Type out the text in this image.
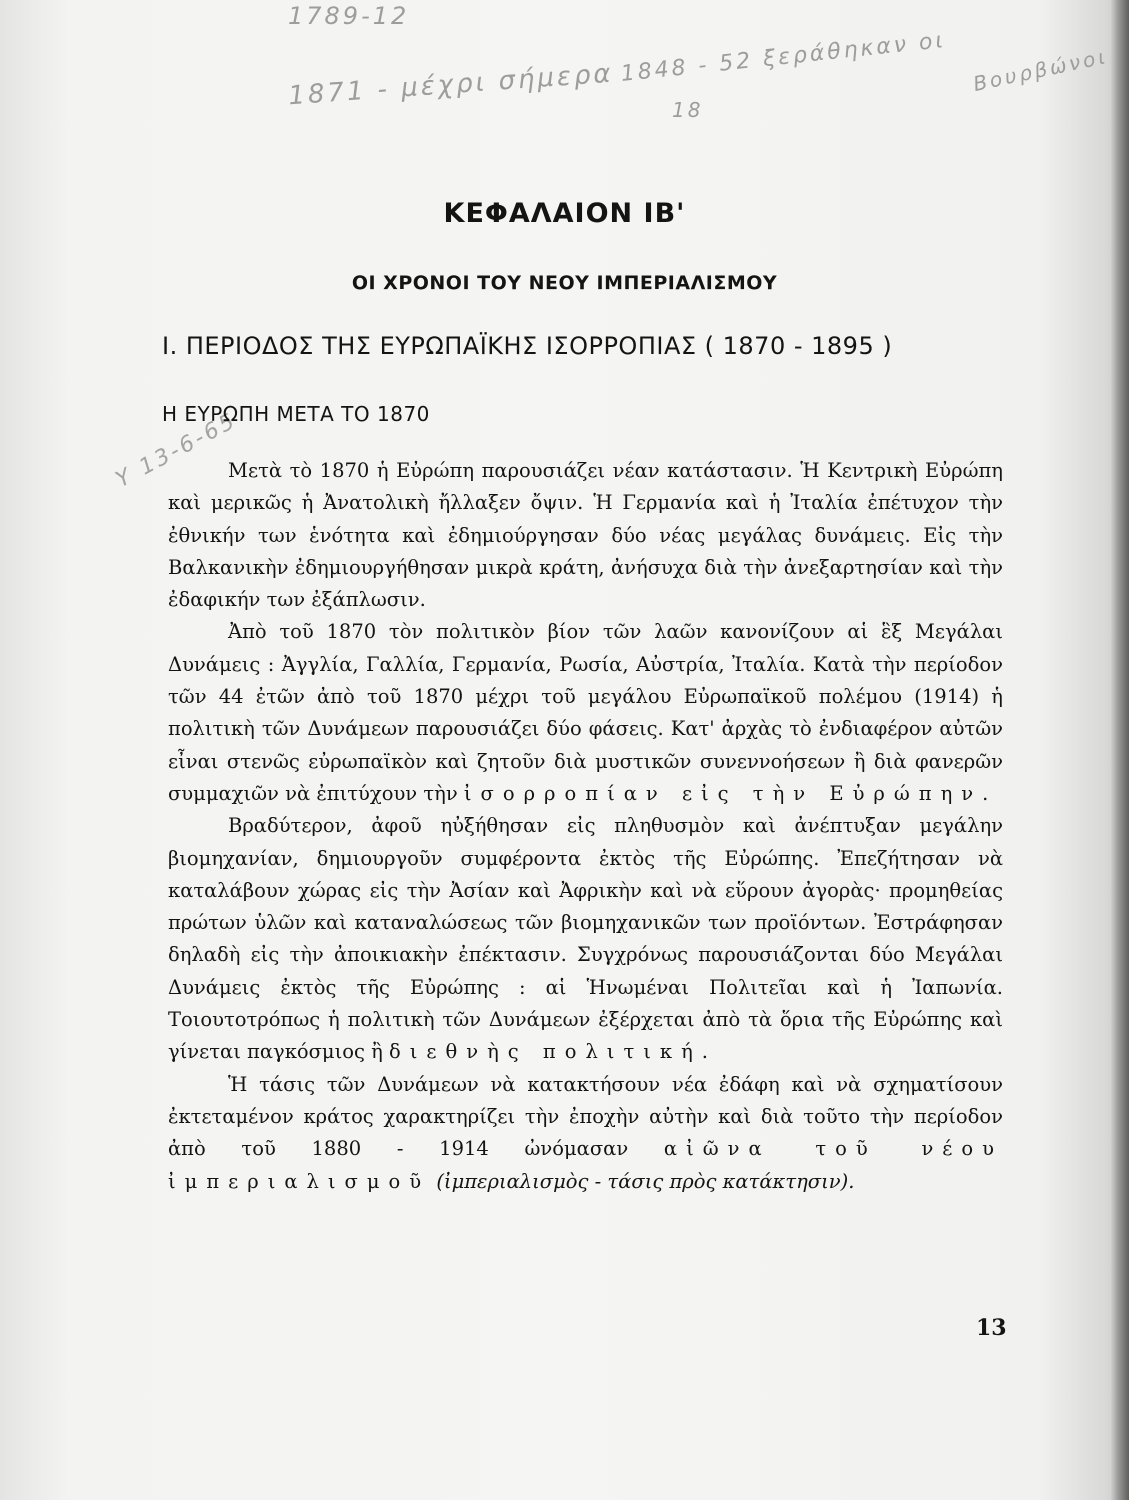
1789-12
1871 - μέχρι σήμερα 1848 - 52 ξεράθηκαν οι Βουρβώνοι
18
Υ 13-6-65
ΚΕΦΑΛΑΙΟΝ ΙΒ'
ΟΙ ΧΡΟΝΟΙ ΤΟΥ ΝΕΟΥ ΙΜΠΕΡΙΑΛΙΣΜΟΥ
Ι. ΠΕΡΙΟΔΟΣ ΤΗΣ ΕΥΡΩΠΑΪΚΗΣ ΙΣΟΡΡΟΠΙΑΣ ( 1870 - 1895 )
Η ΕΥΡΩΠΗ ΜΕΤΑ ΤΟ 1870

Μετὰ τὸ 1870 ἡ Εὐρώπη παρουσιάζει νέαν κατάστασιν. Ἡ Κεντρικὴ Εὐρώπη καὶ μερικῶς ἡ Ἀνατολικὴ ἤλλαξεν ὄψιν. Ἡ Γερμανία καὶ ἡ Ἰταλία ἐπέτυχον τὴν ἐθνικήν των ἑνότητα καὶ ἐδημιούργησαν δύο νέας μεγάλας δυνάμεις. Εἰς τὴν Βαλκανικὴν ἐδημιουργήθησαν μικρὰ κράτη, ἀνήσυχα διὰ τὴν ἀνεξαρτησίαν καὶ τὴν ἐδαφικήν των ἐξάπλωσιν.

Ἀπὸ τοῦ 1870 τὸν πολιτικὸν βίον τῶν λαῶν κανονίζουν αἱ ἓξ Μεγάλαι Δυνάμεις : Ἀγγλία, Γαλλία, Γερμανία, Ρωσία, Αὐστρία, Ἰταλία. Κατὰ τὴν περίοδον τῶν 44 ἐτῶν ἀπὸ τοῦ 1870 μέχρι τοῦ μεγάλου Εὐρωπαϊκοῦ πολέμου (1914) ἡ πολιτικὴ τῶν Δυνάμεων παρουσιάζει δύο φάσεις. Κατ' ἀρχὰς τὸ ἐνδιαφέρον αὐτῶν εἶναι στενῶς εὐρωπαϊκὸν καὶ ζητοῦν διὰ μυστικῶν συνεννοήσεων ἢ διὰ φανερῶν συμμαχιῶν νὰ ἐπιτύχουν τὴν ἰσορροπίαν εἰς τὴν Εὐρώπην.

Βραδύτερον, ἀφοῦ ηὐξήθησαν εἰς πληθυσμὸν καὶ ἀνέπτυξαν μεγάλην βιομηχανίαν, δημιουργοῦν συμφέροντα ἐκτὸς τῆς Εὐρώπης. Ἐπεζήτησαν νὰ καταλάβουν χώρας εἰς τὴν Ἀσίαν καὶ Ἀφρικὴν καὶ νὰ εὕρουν ἀγορὰς· προμηθείας πρώτων ὑλῶν καὶ καταναλώσεως τῶν βιομηχανικῶν των προϊόντων. Ἐστράφησαν δηλαδὴ εἰς τὴν ἀποικιακὴν ἐπέκτασιν. Συγχρόνως παρουσιάζονται δύο Μεγάλαι Δυνάμεις ἐκτὸς τῆς Εὐρώπης : αἱ Ἡνωμέναι Πολιτεῖαι καὶ ἡ Ἰαπωνία. Τοιουτοτρόπως ἡ πολιτικὴ τῶν Δυνάμεων ἐξέρχεται ἀπὸ τὰ ὅρια τῆς Εὐρώπης καὶ γίνεται παγκόσμιος ἢ διεθνὴς πολιτική.

Ἡ τάσις τῶν Δυνάμεων νὰ κατακτήσουν νέα ἐδάφη καὶ νὰ σχηματίσουν ἐκτεταμένον κράτος χαρακτηρίζει τὴν ἐποχὴν αὐτὴν καὶ διὰ τοῦτο τὴν περίοδον ἀπὸ τοῦ 1880 - 1914 ὠνόμασαν αἰῶνα τοῦ νέου ἰμπεριαλισμοῦ (ἰμπεριαλισμὸς - τάσις πρὸς κατάκτησιν).

13
